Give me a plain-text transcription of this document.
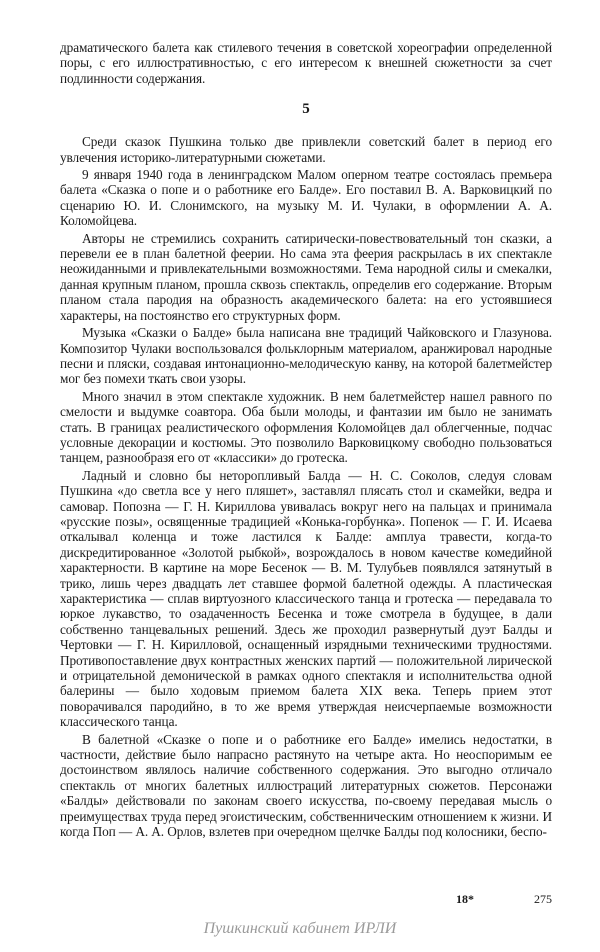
драматического балета как стилевого течения в советской хореографии определенной поры, с его иллюстративностью, с его интересом к внешней сюжетности за счет подлинности содержания.

5

Среди сказок Пушкина только две привлекли советский балет в период его увлечения историко-литературными сюжетами.

9 января 1940 года в ленинградском Малом оперном театре состоялась премьера балета «Сказка о попе и о работнике его Балде». Его поставил В. А. Варковицкий по сценарию Ю. И. Слонимского, на музыку М. И. Чулаки, в оформлении А. А. Коломойцева.

Авторы не стремились сохранить сатирически-повествовательный тон сказки, а перевели ее в план балетной феерии. Но сама эта феерия раскрылась в их спектакле неожиданными и привлекательными возможностями. Тема народной силы и смекалки, данная крупным планом, прошла сквозь спектакль, определив его содержание. Вторым планом стала пародия на образность академического балета: на его устоявшиеся характеры, на постоянство его структурных форм.

Музыка «Сказки о Балде» была написана вне традиций Чайковского и Глазунова. Композитор Чулаки воспользовался фольклорным материалом, аранжировал народные песни и пляски, создавая интонационно-мелодическую канву, на которой балетмейстер мог без помехи ткать свои узоры.

Много значил в этом спектакле художник. В нем балетмейстер нашел равного по смелости и выдумке соавтора. Оба были молоды, и фантазии им было не занимать стать. В границах реалистического оформления Коломойцев дал облегченные, подчас условные декорации и костюмы. Это позволило Варковицкому свободно пользоваться танцем, разнообразя его от «классики» до гротеска.

Ладный и словно бы неторопливый Балда — Н. С. Соколов, следуя словам Пушкина «до светла все у него пляшет», заставлял плясать стол и скамейки, ведра и самовар. Попозна — Г. Н. Кириллова увивалась вокруг него на пальцах и принимала «русские позы», освященные традицией «Конька-горбунка». Попенок — Г. И. Исаева откалывал коленца и тоже ластился к Балде: амплуа травести, когда-то дискредитированное «Золотой рыбкой», возрождалось в новом качестве комедийной характерности. В картине на море Бесенок — В. М. Тулубьев появлялся затянутый в трико, лишь через двадцать лет ставшее формой балетной одежды. А пластическая характеристика — сплав виртуозного классического танца и гротеска — передавала то юркое лукавство, то озадаченность Бесенка и тоже смотрела в будущее, в дали собственно танцевальных решений. Здесь же проходил развернутый дуэт Балды и Чертовки — Г. Н. Кирилловой, оснащенный изрядными техническими трудностями. Противопоставление двух контрастных женских партий — положительной лирической и отрицательной демонической в рамках одного спектакля и исполнительства одной балерины — было ходовым приемом балета XIX века. Теперь прием этот поворачивался пародийно, в то же время утверждая неисчерпаемые возможности классического танца.

В балетной «Сказке о попе и о работнике его Балде» имелись недостатки, в частности, действие было напрасно растянуто на четыре акта. Но неоспоримым ее достоинством являлось наличие собственного содержания. Это выгодно отличало спектакль от многих балетных иллюстраций литературных сюжетов. Персонажи «Балды» действовали по законам своего искусства, по-своему передавая мысль о преимуществах труда перед эгоистическим, собственническим отношением к жизни. И когда Поп — А. А. Орлов, взлетев при очередном щелчке Балды под колосники, беспо-

18*	275
Пушкинский кабинет ИРЛИ
